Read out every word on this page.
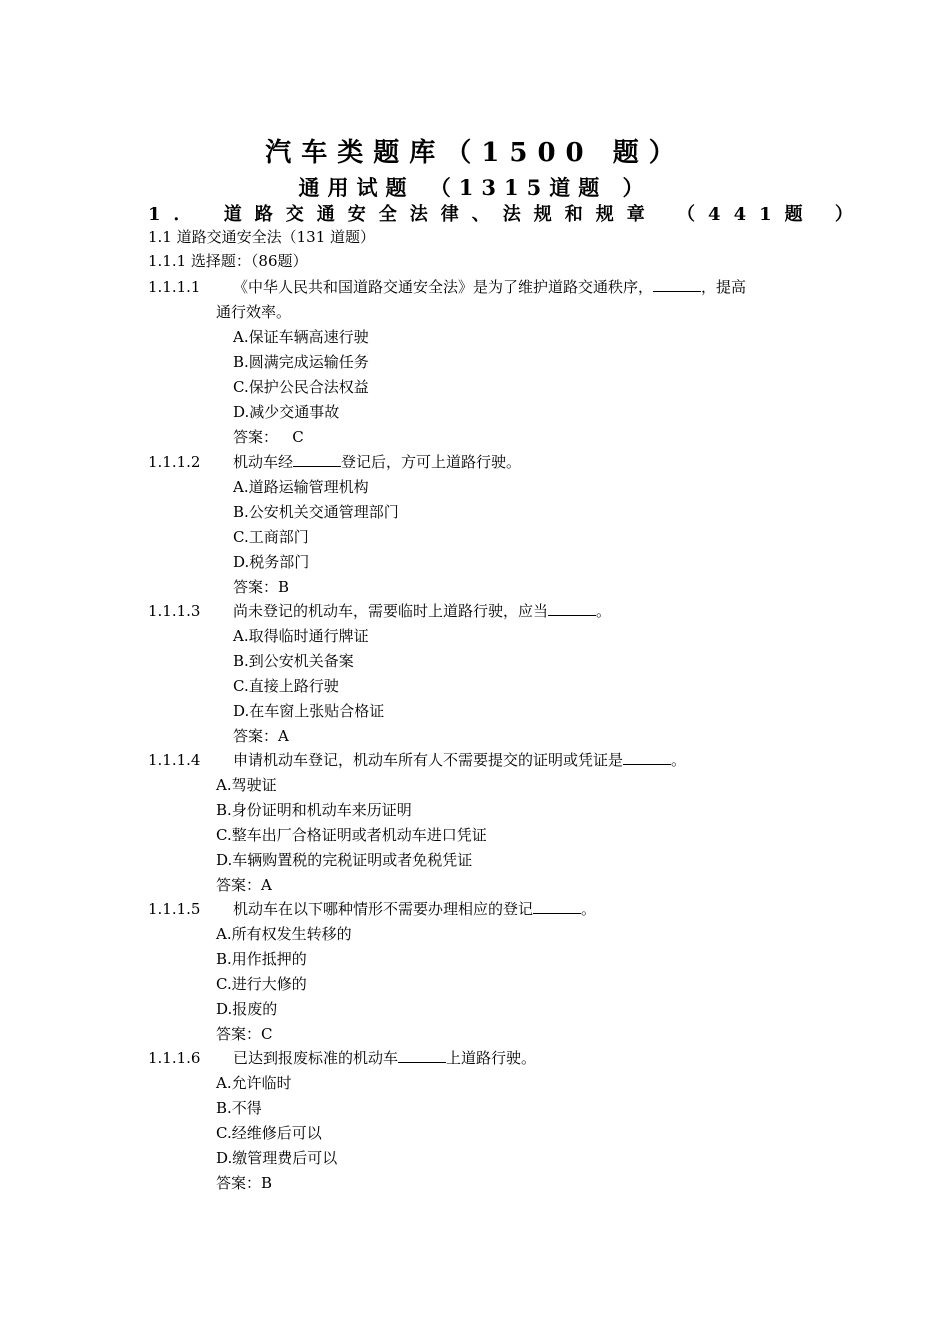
汽车类题库（1500 题）
通用试题 （1315道题 ）
1． 道路交通安全法律、法规和规章 （441题 ）
1.1 道路交通安全法（131 道题）
1.1.1 选择题：（86题）
1.1.1.1 《中华人民共和国道路交通安全法》是为了维护道路交通秩序，	，提高
通行效率。
A.保证车辆高速行驶
B.圆满完成运输任务
C.保护公民合法权益
D.减少交通事故
答案：   C
1.1.1.2 机动车经	登记后，方可上道路行驶。
A.道路运输管理机构
B.公安机关交通管理部门
C.工商部门
D.税务部门
答案：B
1.1.1.3 尚未登记的机动车，需要临时上道路行驶，应当	。
A.取得临时通行牌证
B.到公安机关备案
C.直接上路行驶
D.在车窗上张贴合格证
答案：A
1.1.1.4 申请机动车登记，机动车所有人不需要提交的证明或凭证是	。
A.驾驶证
B.身份证明和机动车来历证明
C.整车出厂合格证明或者机动车进口凭证
D.车辆购置税的完税证明或者免税凭证
答案：A
1.1.1.5 机动车在以下哪种情形不需要办理相应的登记	。
A.所有权发生转移的
B.用作抵押的
C.进行大修的
D.报废的
答案：C
1.1.1.6 已达到报废标准的机动车	上道路行驶。
A.允许临时
B.不得
C.经维修后可以
D.缴管理费后可以
答案：B
